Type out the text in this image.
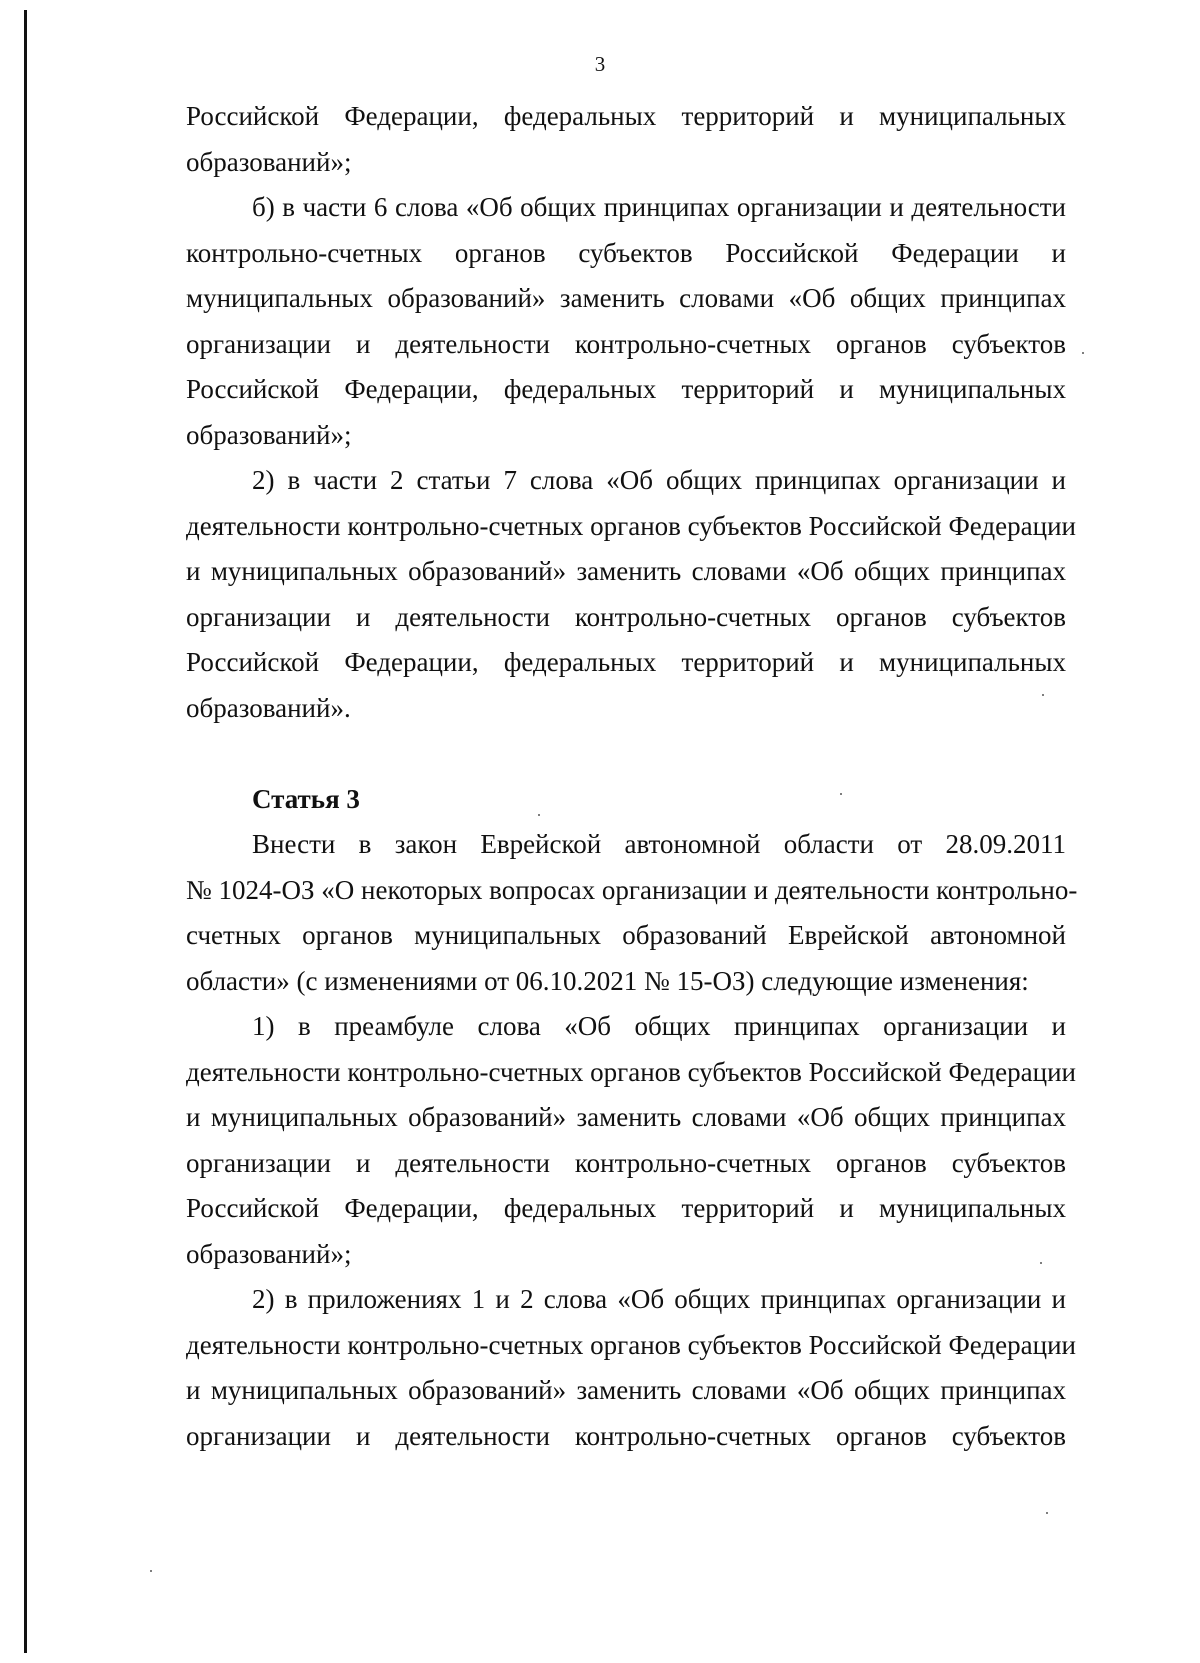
3
Российской Федерации, федеральных территорий и муниципальных
образований»;
б) в части 6 слова «Об общих принципах организации и деятельности
контрольно-счетных органов субъектов Российской Федерации и
муниципальных образований» заменить словами «Об общих принципах
организации и деятельности контрольно-счетных органов субъектов
Российской Федерации, федеральных территорий и муниципальных
образований»;
2) в части 2 статьи 7 слова «Об общих принципах организации и
деятельности контрольно-счетных органов субъектов Российской Федерации
и муниципальных образований» заменить словами «Об общих принципах
организации и деятельности контрольно-счетных органов субъектов
Российской Федерации, федеральных территорий и муниципальных
образований».
Статья 3
Внести в закон Еврейской автономной области от 28.09.2011
№ 1024-ОЗ «О некоторых вопросах организации и деятельности контрольно-
счетных органов муниципальных образований Еврейской автономной
области» (с изменениями от 06.10.2021 № 15-ОЗ) следующие изменения:
1) в преамбуле слова «Об общих принципах организации и
деятельности контрольно-счетных органов субъектов Российской Федерации
и муниципальных образований» заменить словами «Об общих принципах
организации и деятельности контрольно-счетных органов субъектов
Российской Федерации, федеральных территорий и муниципальных
образований»;
2) в приложениях 1 и 2 слова «Об общих принципах организации и
деятельности контрольно-счетных органов субъектов Российской Федерации
и муниципальных образований» заменить словами «Об общих принципах
организации и деятельности контрольно-счетных органов субъектов
